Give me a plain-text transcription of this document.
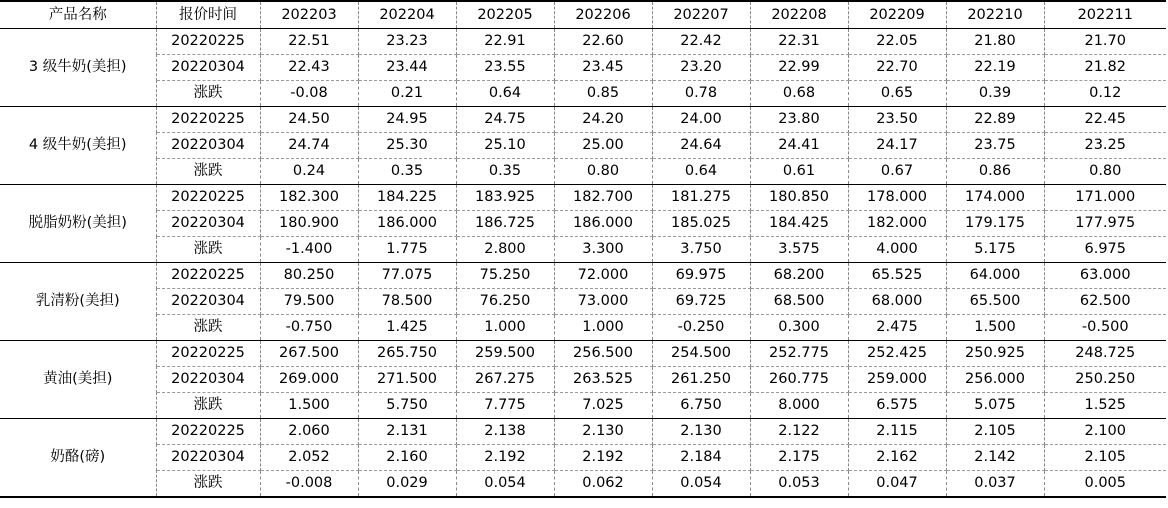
产品名称	报价时间	202203	202204	202205	202206	202207	202208	202209	202210	202211
3 级牛奶(美担)	20220225	22.51	23.23	22.91	22.60	22.42	22.31	22.05	21.80	21.70
	20220304	22.43	23.44	23.55	23.45	23.20	22.99	22.70	22.19	21.82
	涨跌	-0.08	0.21	0.64	0.85	0.78	0.68	0.65	0.39	0.12
4 级牛奶(美担)	20220225	24.50	24.95	24.75	24.20	24.00	23.80	23.50	22.89	22.45
	20220304	24.74	25.30	25.10	25.00	24.64	24.41	24.17	23.75	23.25
	涨跌	0.24	0.35	0.35	0.80	0.64	0.61	0.67	0.86	0.80
脱脂奶粉(美担)	20220225	182.300	184.225	183.925	182.700	181.275	180.850	178.000	174.000	171.000
	20220304	180.900	186.000	186.725	186.000	185.025	184.425	182.000	179.175	177.975
	涨跌	-1.400	1.775	2.800	3.300	3.750	3.575	4.000	5.175	6.975
乳清粉(美担)	20220225	80.250	77.075	75.250	72.000	69.975	68.200	65.525	64.000	63.000
	20220304	79.500	78.500	76.250	73.000	69.725	68.500	68.000	65.500	62.500
	涨跌	-0.750	1.425	1.000	1.000	-0.250	0.300	2.475	1.500	-0.500
黄油(美担)	20220225	267.500	265.750	259.500	256.500	254.500	252.775	252.425	250.925	248.725
	20220304	269.000	271.500	267.275	263.525	261.250	260.775	259.000	256.000	250.250
	涨跌	1.500	5.750	7.775	7.025	6.750	8.000	6.575	5.075	1.525
奶酪(磅)	20220225	2.060	2.131	2.138	2.130	2.130	2.122	2.115	2.105	2.100
	20220304	2.052	2.160	2.192	2.192	2.184	2.175	2.162	2.142	2.105
	涨跌	-0.008	0.029	0.054	0.062	0.054	0.053	0.047	0.037	0.005
